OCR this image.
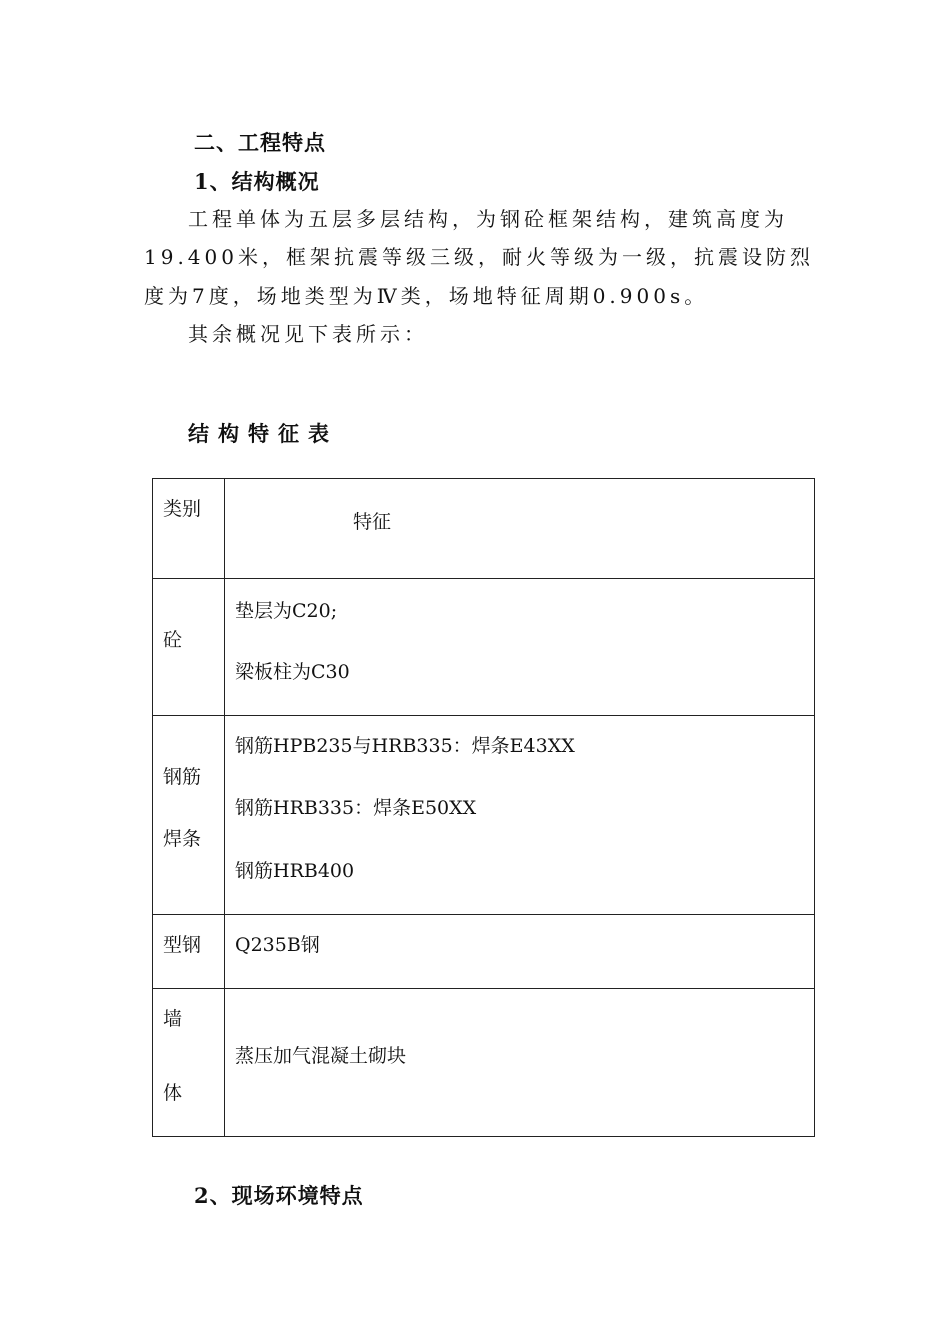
二、工程特点
1、结构概况
工程单体为五层多层结构，为钢砼框架结构，建筑高度为
19.400米，框架抗震等级三级，耐火等级为一级，抗震设防烈
度为7度，场地类型为Ⅳ类，场地特征周期0.900s。
其余概况见下表所示：
结构特征表
类别	特征

砼	垫层为C20;
梁板柱为C30

钢筋
焊条	钢筋HPB235与HRB335：焊条E43XX
钢筋HRB335：焊条E50XX
钢筋HRB400

型钢	Q235B钢

墙
体	蒸压加气混凝土砌块
2、现场环境特点
